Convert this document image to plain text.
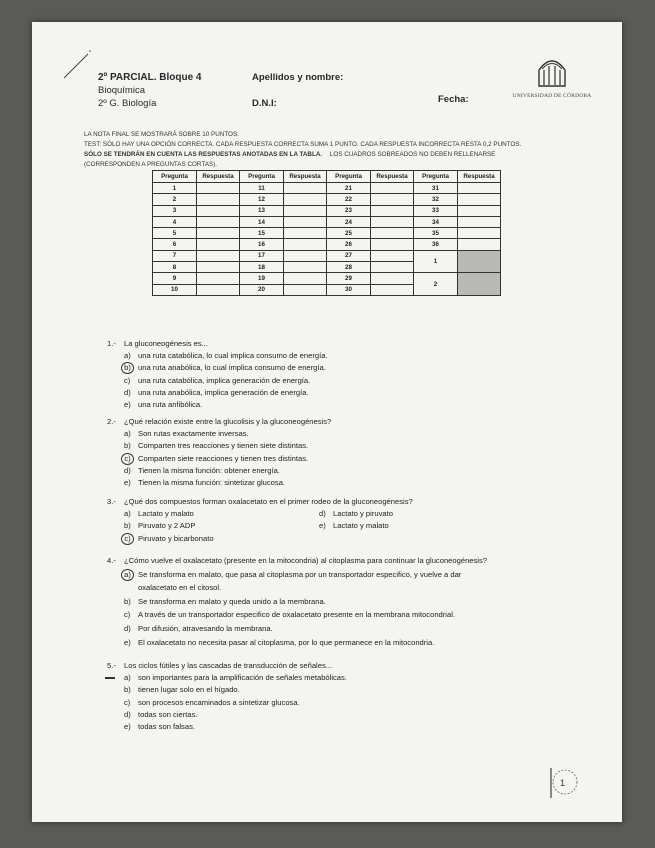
2º PARCIAL. Bloque 4
Bioquímica
2º G. Biología
Apellidos y nombre:
D.N.I:	Fecha:	UNIVERSIDAD DE CÓRDOBA
LA NOTA FINAL SE MOSTRARÁ SOBRE 10 PUNTOS.
TEST: SÓLO HAY UNA OPCIÓN CORRECTA. CADA RESPUESTA CORRECTA SUMA 1 PUNTO. CADA RESPUESTA INCORRECTA RESTA 0,2 PUNTOS.
SÓLO SE TENDRÁN EN CUENTA LAS RESPUESTAS ANOTADAS EN LA TABLA. LOS CUADROS SOBREADOS NO DEBEN RELLENARSE
(CORRESPONDEN A PREGUNTAS CORTAS).
Pregunta	Respuesta	Pregunta	Respuesta	Pregunta	Respuesta	Pregunta	Respuesta
1		11		21		31	
2		12		22		32	
3		13		23		33	
4		14		24		34	
5		15		25		35	
6		16		26		36	
7		17		27		1	
8		18		28			
9		19		29		2	
10		20		30			
1.- La gluconeogénesis es...
a) una ruta catabólica, lo cual implica consumo de energía.
b) una ruta anabólica, lo cual implica consumo de energía.
c) una ruta catabólica, implica generación de energía.
d) una ruta anabólica, implica generación de energía.
e) una ruta anfibólica.
2.- ¿Qué relación existe entre la glucolisis y la gluconeogénesis?
a) Son rutas exactamente inversas.
b) Comparten tres reacciones y tienen siete distintas.
c) Comparten siete reacciones y tienen tres distintas.
d) Tienen la misma función: obtener energía.
e) Tienen la misma función: sintetizar glucosa.
3.- ¿Qué dos compuestos forman oxalacetato en el primer rodeo de la gluconeogénesis?
a) Lactato y malato	d) Lactato y piruvato
b) Piruvato y 2 ADP	e) Lactato y malato
c) Piruvato y bicarbonato
4.- ¿Cómo vuelve el oxalacetato (presente en la mitocondria) al citoplasma para continuar la gluconeogénesis?
a) Se transforma en malato, que pasa al citoplasma por un transportador especifico, y vuelve a dar
oxalacetato en el citosol.
b) Se transforma en malato y queda unido a la membrana.
c) A través de un transportador especifico de oxalacetato presente en la membrana mitocondrial.
d) Por difusión, atravesando la membrana.
e) El oxalacetato no necesita pasar al citoplasma, por lo que permanece en la mitocondria.
5.- Los ciclos fútiles y las cascadas de transducción de señales...
a) son importantes para la amplificación de señales metabólicas.
b) tienen lugar solo en el hígado.
c) son procesos encaminados a sintetizar glucosa.
d) todas son ciertas.
e) todas son falsas.
1
